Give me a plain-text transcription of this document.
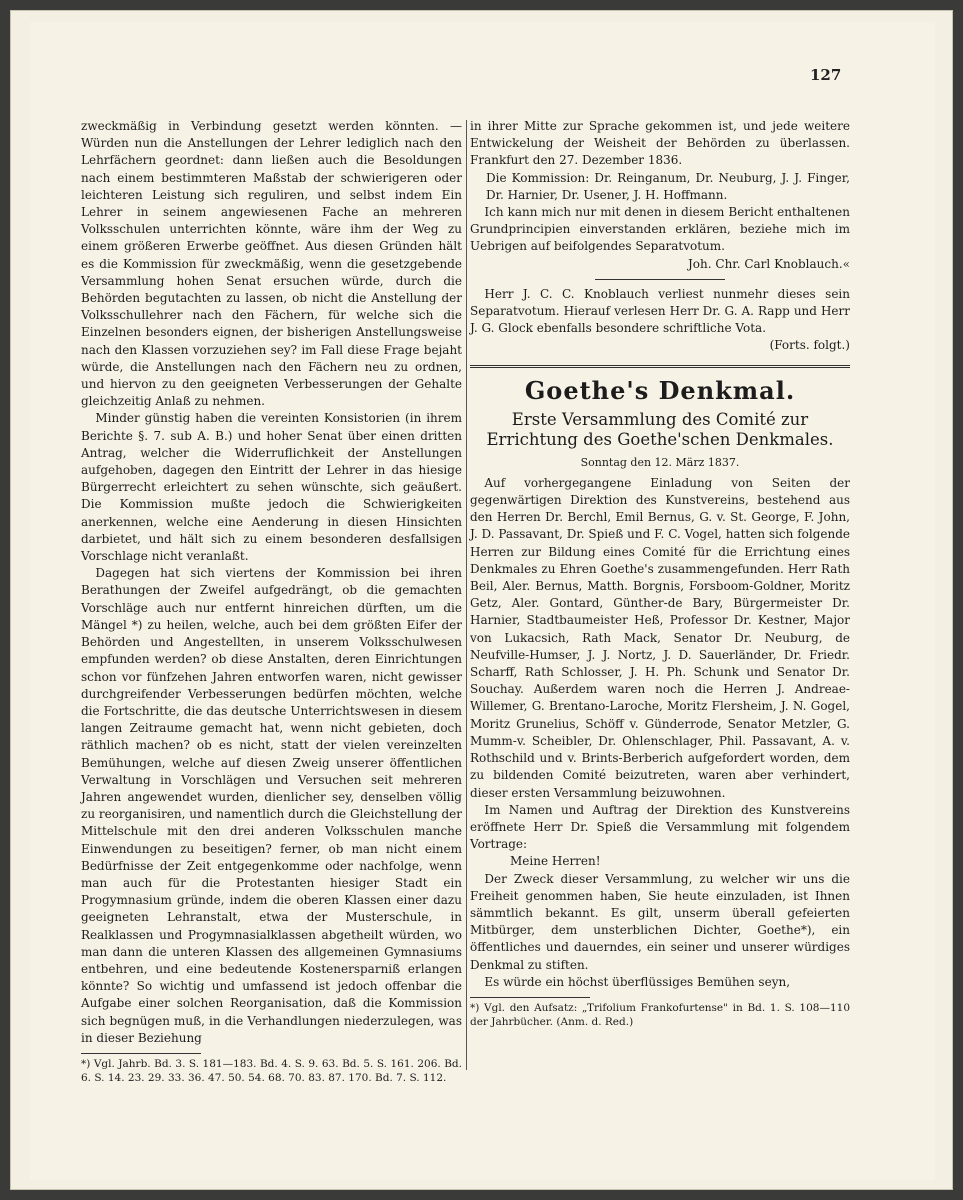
127

zweckmäßig in Verbindung gesetzt werden könnten. — Würden nun die Anstellungen der Lehrer lediglich nach den Lehrfächern geordnet: dann ließen auch die Besoldungen nach einem bestimmteren Maßstab der schwierigeren oder leichteren Leistung sich reguliren, und selbst indem Ein Lehrer in seinem angewiesenen Fache an mehreren Volksschulen unterrichten könnte, wäre ihm der Weg zu einem größeren Erwerbe geöffnet. Aus diesen Gründen hält es die Kommission für zweckmäßig, wenn die gesetzgebende Versammlung hohen Senat ersuchen würde, durch die Behörden begutachten zu lassen, ob nicht die Anstellung der Volksschullehrer nach den Fächern, für welche sich die Einzelnen besonders eignen, der bisherigen Anstellungsweise nach den Klassen vorzuziehen sey? im Fall diese Frage bejaht würde, die Anstellungen nach den Fächern neu zu ordnen, und hiervon zu den geeigneten Verbesserungen der Gehalte gleichzeitig Anlaß zu nehmen.

Minder günstig haben die vereinten Konsistorien (in ihrem Berichte §. 7. sub A. B.) und hoher Senat über einen dritten Antrag, welcher die Widerruflichkeit der Anstellungen aufgehoben, dagegen den Eintritt der Lehrer in das hiesige Bürgerrecht erleichtert zu sehen wünschte, sich geäußert. Die Kommission mußte jedoch die Schwierigkeiten anerkennen, welche eine Aenderung in diesen Hinsichten darbietet, und hält sich zu einem besonderen desfallsigen Vorschlage nicht veranlaßt.

Dagegen hat sich viertens der Kommission bei ihren Berathungen der Zweifel aufgedrängt, ob die gemachten Vorschläge auch nur entfernt hinreichen dürften, um die Mängel *) zu heilen, welche, auch bei dem größten Eifer der Behörden und Angestellten, in unserem Volksschulwesen empfunden werden? ob diese Anstalten, deren Einrichtungen schon vor fünfzehen Jahren entworfen waren, nicht gewisser durchgreifender Verbesserungen bedürfen möchten, welche die Fortschritte, die das deutsche Unterrichtswesen in diesem langen Zeitraume gemacht hat, wenn nicht gebieten, doch räthlich machen? ob es nicht, statt der vielen vereinzelten Bemühungen, welche auf diesen Zweig unserer öffentlichen Verwaltung in Vorschlägen und Versuchen seit mehreren Jahren angewendet wurden, dienlicher sey, denselben völlig zu reorganisiren, und namentlich durch die Gleichstellung der Mittelschule mit den drei anderen Volksschulen manche Einwendungen zu beseitigen? ferner, ob man nicht einem Bedürfnisse der Zeit entgegenkomme oder nachfolge, wenn man auch für die Protestanten hiesiger Stadt ein Progymnasium gründe, indem die oberen Klassen einer dazu geeigneten Lehranstalt, etwa der Musterschule, in Realklassen und Progymnasialklassen abgetheilt würden, wo man dann die unteren Klassen des allgemeinen Gymnasiums entbehren, und eine bedeutende Kostenersparniß erlangen könnte? So wichtig und umfassend ist jedoch offenbar die Aufgabe einer solchen Reorganisation, daß die Kommission sich begnügen muß, in die Verhandlungen niederzulegen, was in dieser Beziehung

*) Vgl. Jahrb. Bd. 3. S. 181—183. Bd. 4. S. 9. 63. Bd. 5. S. 161. 206. Bd. 6. S. 14. 23. 29. 33. 36. 47. 50. 54. 68. 70. 83. 87. 170. Bd. 7. S. 112.

in ihrer Mitte zur Sprache gekommen ist, und jede weitere Entwickelung der Weisheit der Behörden zu überlassen. Frankfurt den 27. Dezember 1836.

Die Kommission: Dr. Reinganum, Dr. Neuburg, J. J. Finger, Dr. Harnier, Dr. Usener, J. H. Hoffmann.

Ich kann mich nur mit denen in diesem Bericht enthaltenen Grundprincipien einverstanden erklären, beziehe mich im Uebrigen auf beifolgendes Separatvotum.

Joh. Chr. Carl Knoblauch.«

Herr J. C. C. Knoblauch verliest nunmehr dieses sein Separatvotum. Hierauf verlesen Herr Dr. G. A. Rapp und Herr J. G. Glock ebenfalls besondere schriftliche Vota.

(Forts. folgt.)

Goethe's Denkmal.
Erste Versammlung des Comité zur Errichtung des Goethe'schen Denkmales.
Sonntag den 12. März 1837.

Auf vorhergegangene Einladung von Seiten der gegenwärtigen Direktion des Kunstvereins, bestehend aus den Herren Dr. Berchl, Emil Bernus, G. v. St. George, F. John, J. D. Passavant, Dr. Spieß und F. C. Vogel, hatten sich folgende Herren zur Bildung eines Comité für die Errichtung eines Denkmales zu Ehren Goethe's zusammengefunden. Herr Rath Beil, Aler. Bernus, Matth. Borgnis, Forsboom-Goldner, Moritz Getz, Aler. Gontard, Günther-de Bary, Bürgermeister Dr. Harnier, Stadtbaumeister Heß, Professor Dr. Kestner, Major von Lukacsich, Rath Mack, Senator Dr. Neuburg, de Neufville-Humser, J. J. Nortz, J. D. Sauerländer, Dr. Friedr. Scharff, Rath Schlosser, J. H. Ph. Schunk und Senator Dr. Souchay. Außerdem waren noch die Herren J. Andreae-Willemer, G. Brentano-Laroche, Moritz Flersheim, J. N. Gogel, Moritz Grunelius, Schöff v. Günderrode, Senator Metzler, G. Mumm-v. Scheibler, Dr. Ohlenschlager, Phil. Passavant, A. v. Rothschild und v. Brints-Berberich aufgefordert worden, dem zu bildenden Comité beizutreten, waren aber verhindert, dieser ersten Versammlung beizuwohnen.

Im Namen und Auftrag der Direktion des Kunstvereins eröffnete Herr Dr. Spieß die Versammlung mit folgendem Vortrage:

Meine Herren!

Der Zweck dieser Versammlung, zu welcher wir uns die Freiheit genommen haben, Sie heute einzuladen, ist Ihnen sämmtlich bekannt. Es gilt, unserm überall gefeierten Mitbürger, dem unsterblichen Dichter, Goethe*), ein öffentliches und dauerndes, ein seiner und unserer würdiges Denkmal zu stiften.

Es würde ein höchst überflüssiges Bemühen seyn,

*) Vgl. den Aufsatz: „Trifolium Frankofurtense" in Bd. 1. S. 108—110 der Jahrbücher. (Anm. d. Red.)
